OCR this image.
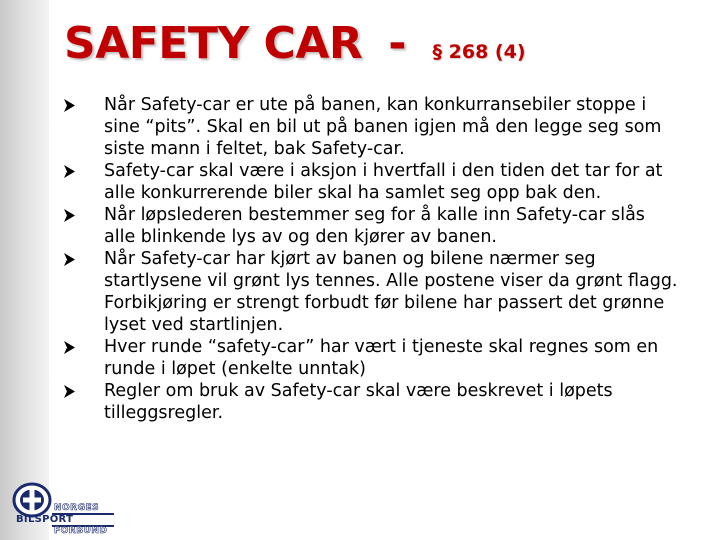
SAFETY CAR - § 268 (4)
Når Safety-car er ute på banen, kan konkurransebiler stoppe i
sine “pits”. Skal en bil ut på banen igjen må den legge seg som
siste mann i feltet, bak Safety-car.
Safety-car skal være i aksjon i hvertfall i den tiden det tar for at
alle konkurrerende biler skal ha samlet seg opp bak den.
Når løpslederen bestemmer seg for å kalle inn Safety-car slås
alle blinkende lys av og den kjører av banen.
Når Safety-car har kjørt av banen og bilene nærmer seg
startlysene vil grønt lys tennes. Alle postene viser da grønt flagg.
Forbikjøring er strengt forbudt før bilene har passert det grønne
lyset ved startlinjen.
Hver runde “safety-car” har vært i tjeneste skal regnes som en
runde i løpet (enkelte unntak)
Regler om bruk av Safety-car skal være beskrevet i løpets
tilleggsregler.
NORGES
BILSPORT
FORBUND
